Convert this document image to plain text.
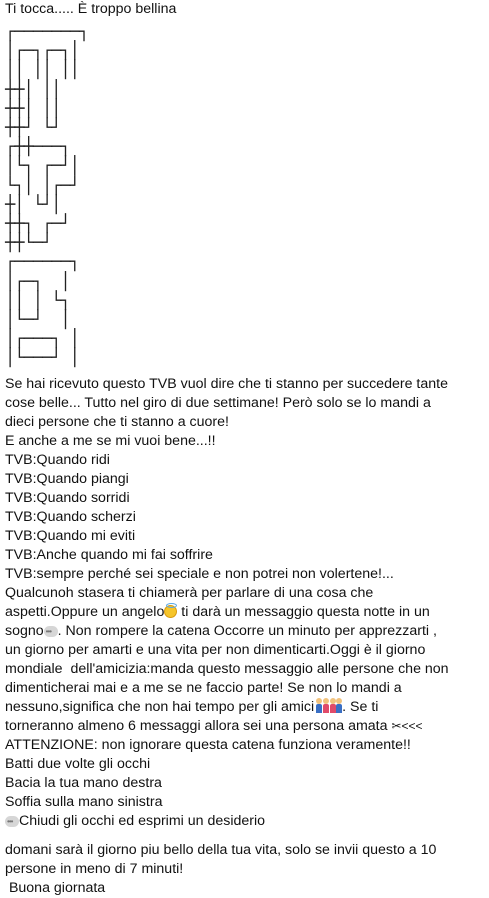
Ti tocca..... È troppo bellina

┌───────┐

│┌─┐┌─┐│

││ ││ ││

┼┼│ ││

┼┼│ ││

┼┼┘ └┘

┌┼┼───┐

│└┐ ┌─┘│

└┐│ │┌─┘

┼│ └┘│

┼┼┐ ┌─┘

┼┼└─┘

┌──────┐

│┌─┐  │

││ │ └┐

│└─┘  │

│┌───┐ │

│└───┘ │

Se hai ricevuto questo TVB vuol dire che ti stanno per succedere tante

cose belle... Tutto nel giro di due settimane! Però solo se lo mandi a

dieci persone che ti stanno a cuore!

E anche a me se mi vuoi bene...!!

TVB:Quando ridi

TVB:Quando piangi

TVB:Quando sorridi

TVB:Quando scherzi

TVB:Quando mi eviti

TVB:Anche quando mi fai soffrire

TVB:sempre perché sei speciale e non potrei non volertene!...

Qualcunoh stasera ti chiamerà per parlare di una cosa che

aspetti.Oppure un angelo ti darà un messaggio questa notte in un

sogno ••• . Non rompere la catena Occorre un minuto per apprezzarti ,

un giorno per amarti e una vita per non dimenticarti.Oggi è il giorno

mondiale  dell'amicizia:manda questo messaggio alle persone che non

dimenticherai mai e a me se ne faccio parte! Se non lo mandi a

nessuno,significa che non hai tempo per gli amici . Se ti

torneranno almeno 6 messaggi allora sei una persona amata ✂<<<

ATTENZIONE: non ignorare questa catena funziona veramente!!

Batti due volte gli occhi

Bacia la tua mano destra

Soffia sulla mano sinistra

•••Chiudi gli occhi ed esprimi un desiderio

domani sarà il giorno piu bello della tua vita, solo se invii questo a 10

persone in meno di 7 minuti!

Buona giornata
